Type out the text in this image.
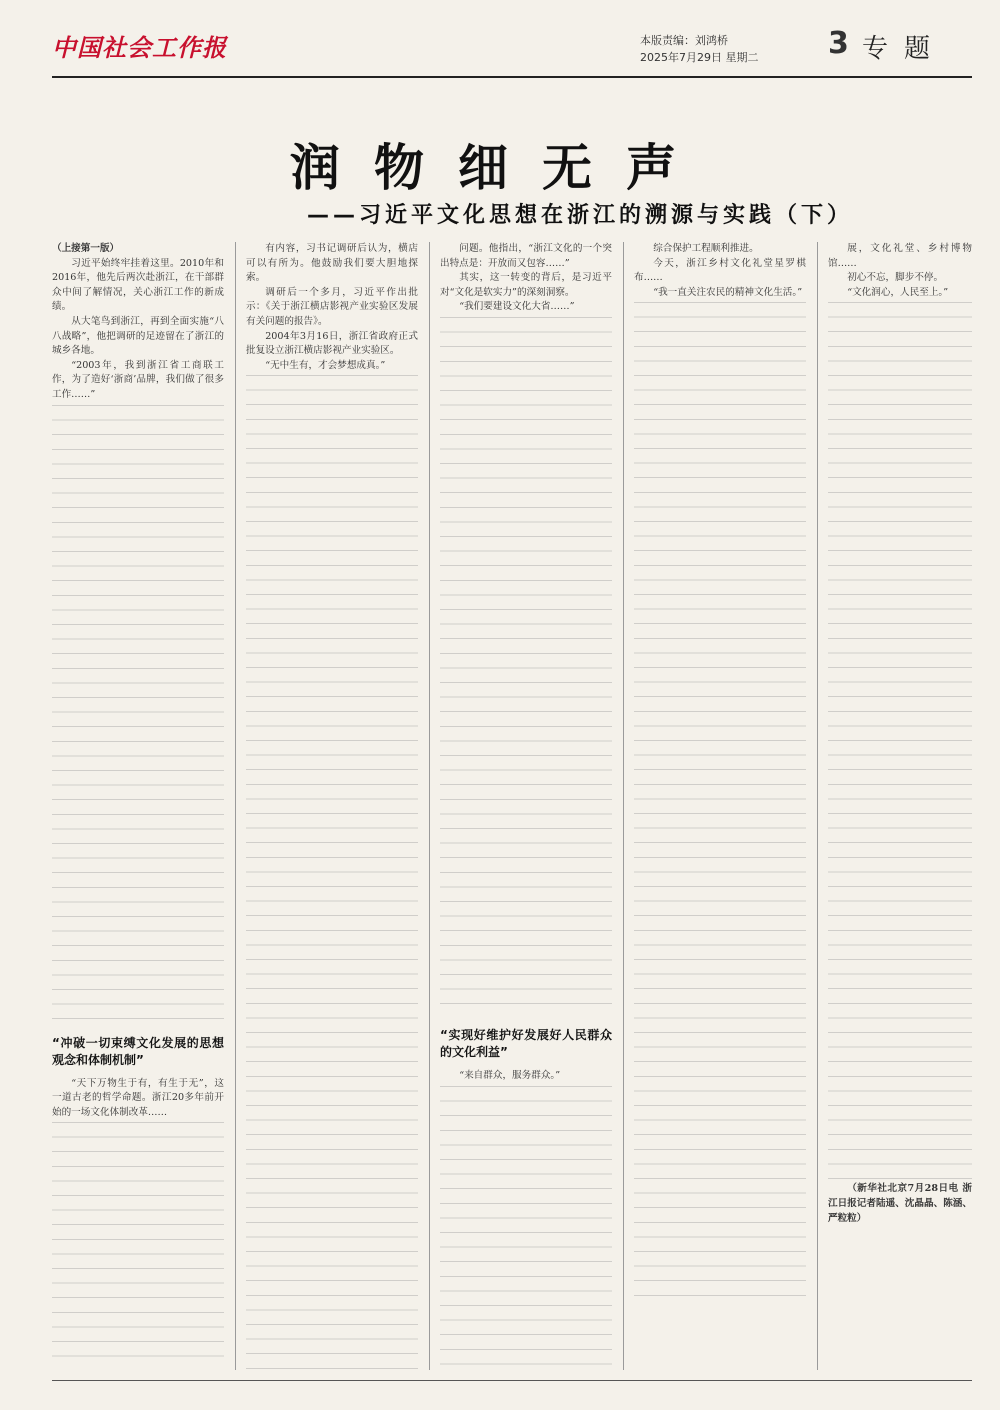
中国社会工作报	本版责编：刘鸿桥
2025年7月29日 星期二 3 专题
润物细无声
——习近平文化思想在浙江的溯源与实践（下）

（上接第一版）

习近平始终牢挂着这里。2010年和2016年，他先后两次赴浙江，在干部群众中间了解情况，关心浙江工作的新成绩。

从大笔鸟到浙江，再到全面实施“八八战略”，他把调研的足迹留在了浙江的城乡各地。

“2003年，我到浙江省工商联工作，为了造好‘浙商’品牌，我们做了很多工作……”

“冲破一切束缚文化发展的思想观念和体制机制”

“天下万物生于有，有生于无”，这一道古老的哲学命题。浙江20多年前开始的一场文化体制改革……

有内容，习书记调研后认为，横店可以有所为。他鼓励我们要大胆地探索。

调研后一个多月，习近平作出批示：《关于浙江横店影视产业实验区发展有关问题的报告》。

2004年3月16日，浙江省政府正式批复设立浙江横店影视产业实验区。

“无中生有，才会梦想成真。”

问题。他指出，“浙江文化的一个突出特点是：开放而又包容……”

其实，这一转变的背后，是习近平对“文化是软实力”的深刻洞察。

“我们要建设文化大省……”

“实现好维护好发展好人民群众的文化利益”

“来自群众，服务群众。”

综合保护工程顺利推进。

今天，浙江乡村文化礼堂星罗棋布……

“我一直关注农民的精神文化生活。”

展，文化礼堂、乡村博物馆……

初心不忘，脚步不停。

“文化润心，人民至上。”

（新华社北京7月28日电 浙江日报记者陆遥、沈晶晶、陈涵、严粒粒）
